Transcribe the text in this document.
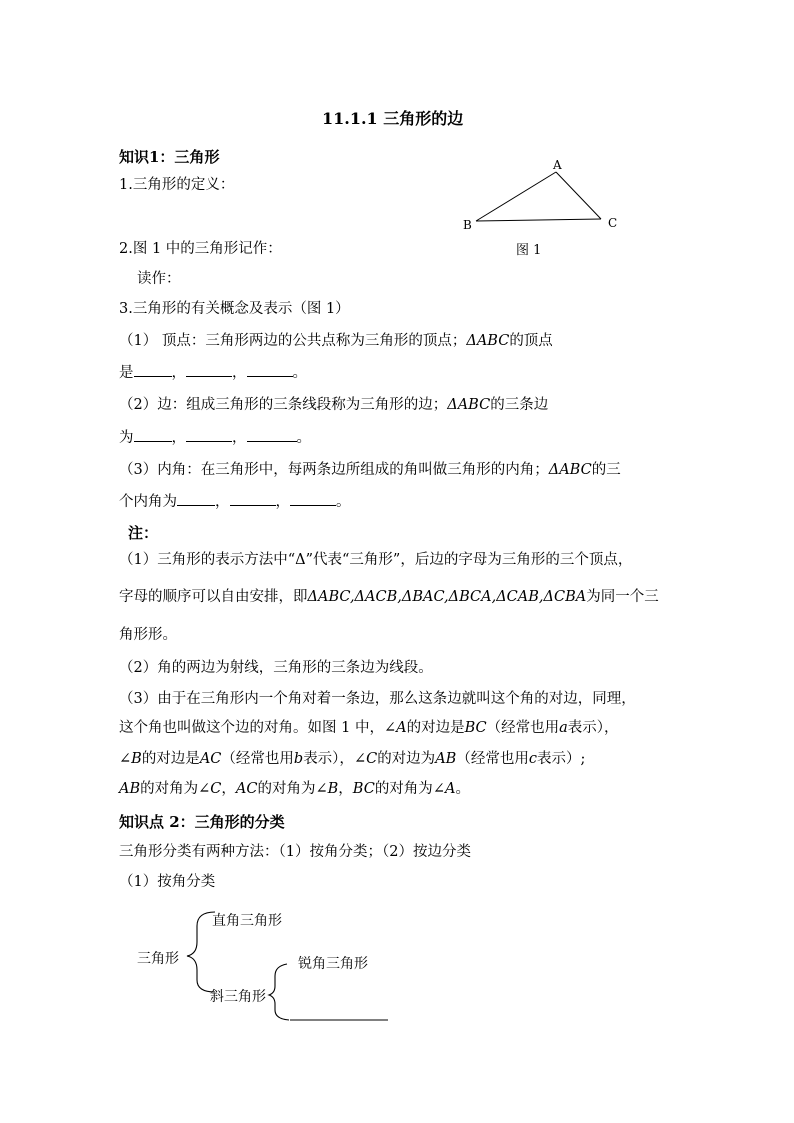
11.1.1 三角形的边
知识1：三角形
1.三角形的定义：
A
B	C
图 1
2.图 1 中的三角形记作：
读作：
3.三角形的有关概念及表示（图 1）
（1） 顶点：三角形两边的公共点称为三角形的顶点；ΔABC的顶点
是	，	，	。
（2）边：组成三角形的三条线段称为三角形的边；ΔABC的三条边
为	，	，	。
（3）内角：在三角形中，每两条边所组成的角叫做三角形的内角；ΔABC的三
个内角为	，	，	。
注：
（1）三角形的表示方法中“Δ”代表“三角形”，后边的字母为三角形的三个顶点，
字母的顺序可以自由安排，即ΔABC,ΔACB,ΔBAC,ΔBCA,ΔCAB,ΔCBA为同一个三
角形形。
（2）角的两边为射线，三角形的三条边为线段。
（3）由于在三角形内一个角对着一条边，那么这条边就叫这个角的对边，同理，
这个角也叫做这个边的对角。如图 1 中，∠A的对边是BC（经常也用a表示），
∠B的对边是AC（经常也用b表示），∠C的对边为AB（经常也用c表示）;
AB的对角为∠C，AC的对角为∠B，BC的对角为∠A。
知识点 2：三角形的分类
三角形分类有两种方法：（1）按角分类；（2）按边分类
（1）按角分类
三角形
直角三角形
斜三角形
锐角三角形
